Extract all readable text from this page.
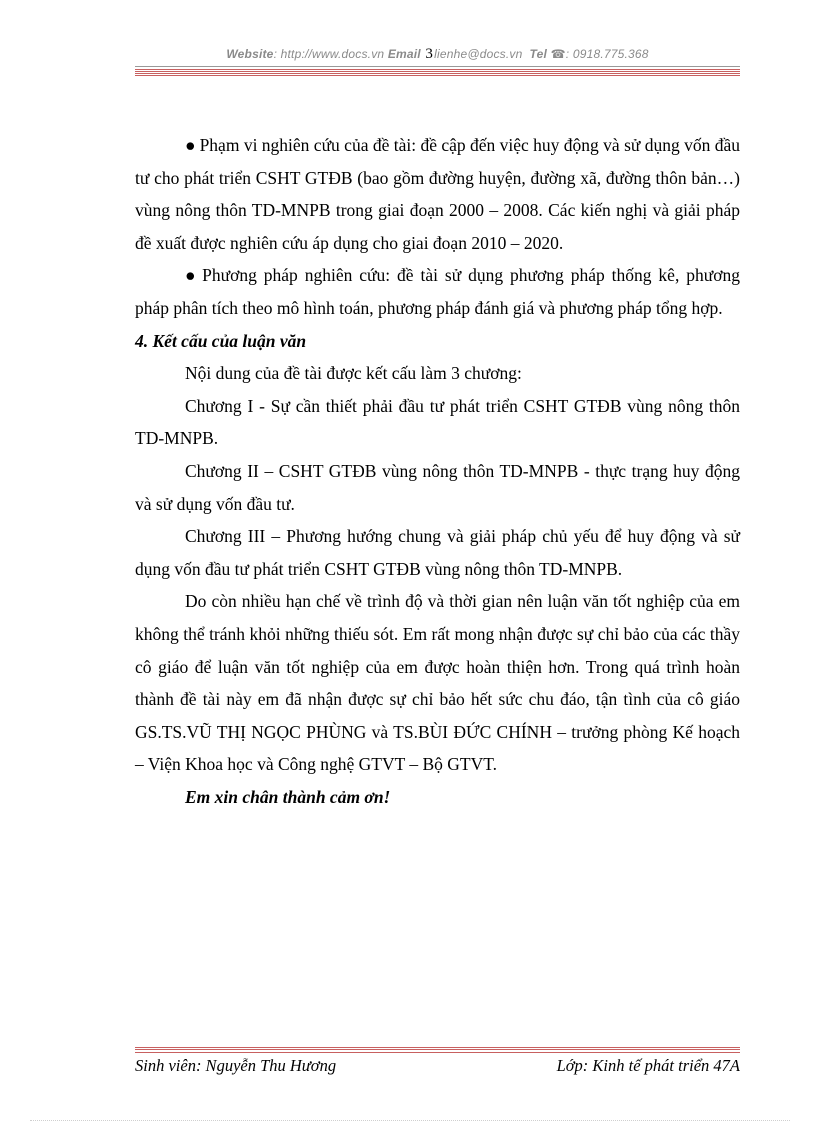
Website: http://www.docs.vn Email 3lienhe@docs.vn Tel ☎: 0918.775.368

● Phạm vi nghiên cứu của đề tài: đề cập đến việc huy động và sử dụng vốn đầu tư cho phát triển CSHT GTĐB (bao gồm đường huyện, đường xã, đường thôn bản…) vùng nông thôn TD-MNPB trong giai đoạn 2000 – 2008. Các kiến nghị và giải pháp đề xuất được nghiên cứu áp dụng cho giai đoạn 2010 – 2020.

● Phương pháp nghiên cứu: đề tài sử dụng phương pháp thống kê, phương pháp phân tích theo mô hình toán, phương pháp đánh giá và phương pháp tổng hợp.

4. Kết cấu của luận văn

Nội dung của đề tài được kết cấu làm 3 chương:

Chương I - Sự cần thiết phải đầu tư phát triển CSHT GTĐB vùng nông thôn TD-MNPB.

Chương II – CSHT GTĐB vùng nông thôn TD-MNPB - thực trạng huy động và sử dụng vốn đầu tư.

Chương III – Phương hướng chung và giải pháp chủ yếu để huy động và sử dụng vốn đầu tư phát triển CSHT GTĐB vùng nông thôn TD-MNPB.

Do còn nhiều hạn chế về trình độ và thời gian nên luận văn tốt nghiệp của em không thể tránh khỏi những thiếu sót. Em rất mong nhận được sự chỉ bảo của các thầy cô giáo để luận văn tốt nghiệp của em được hoàn thiện hơn. Trong quá trình hoàn thành đề tài này em đã nhận được sự chỉ bảo hết sức chu đáo, tận tình của cô giáo GS.TS.VŨ THỊ NGỌC PHÙNG và TS.BÙI ĐỨC CHÍNH – trưởng phòng Kế hoạch – Viện Khoa học và Công nghệ GTVT – Bộ GTVT.

Em xin chân thành cảm ơn!

Sinh viên: Nguyễn Thu Hương	Lớp: Kinh tế phát triển 47A
